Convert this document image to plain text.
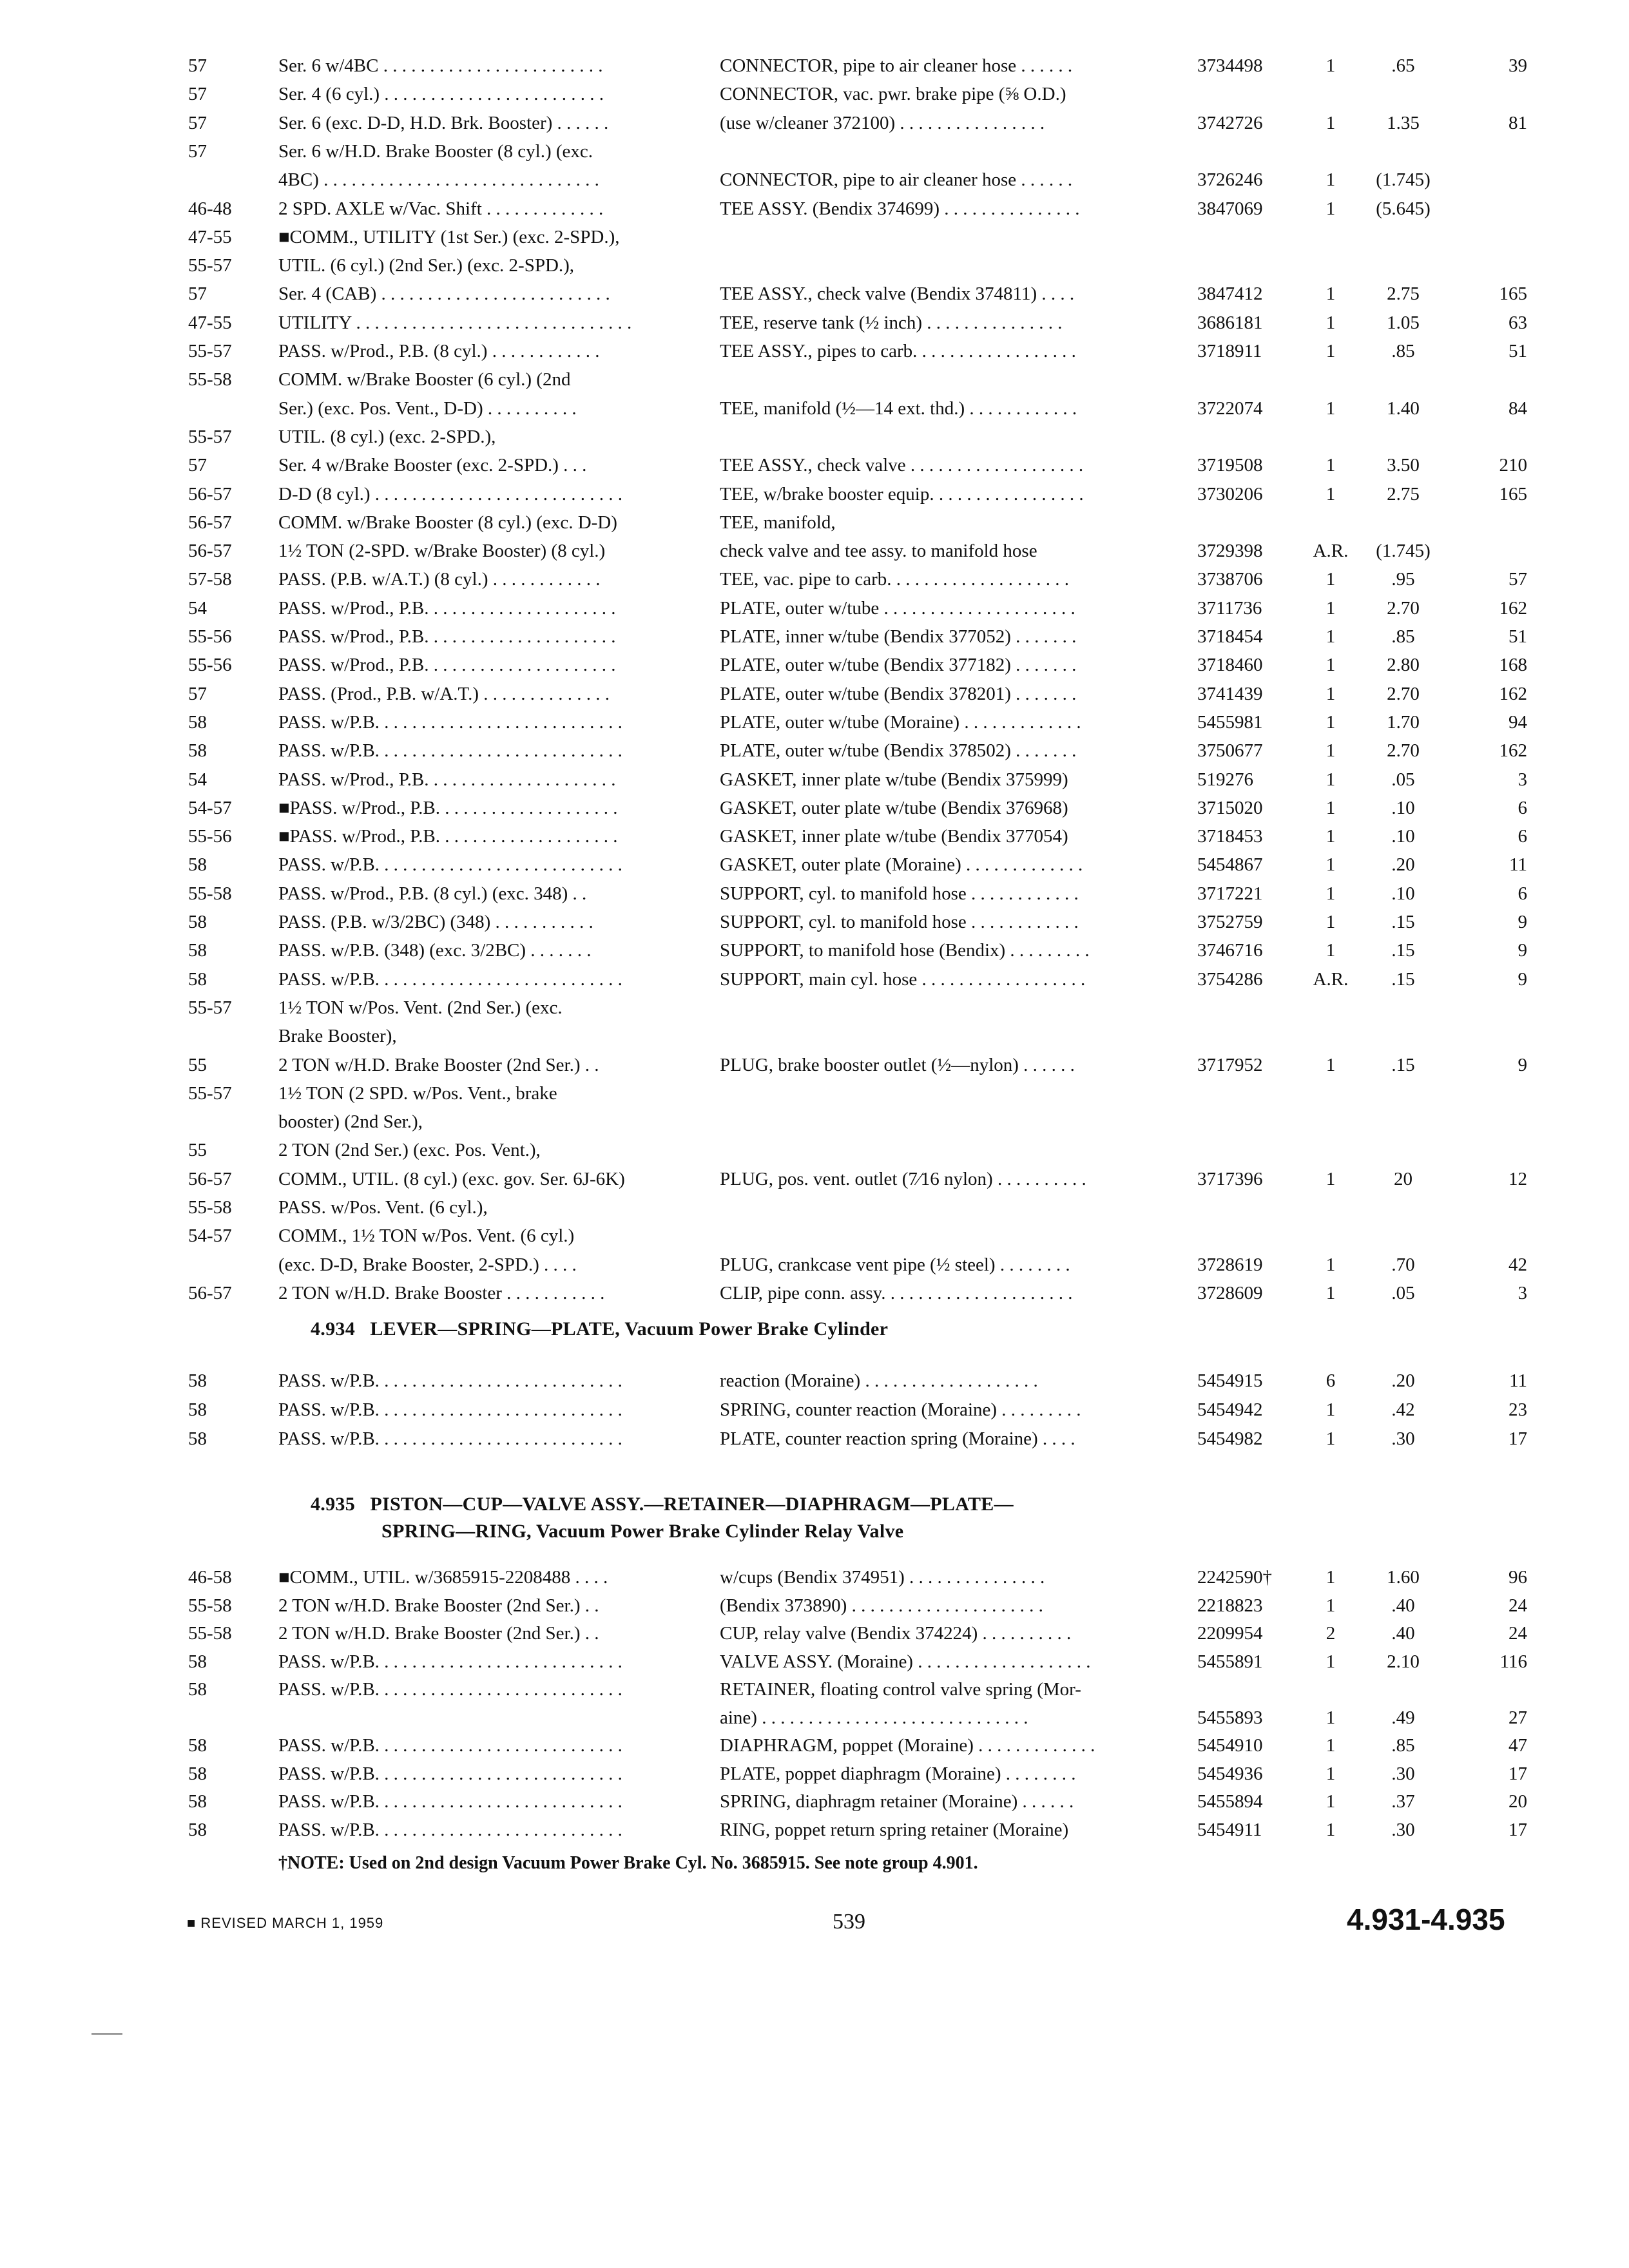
57	Ser. 6 w/4BC . . . . . . . . . . . . . . . . . . . . . . . .	CONNECTOR, pipe to air cleaner hose . . . . . .	3734498	1	.65	39
57	Ser. 4 (6 cyl.) . . . . . . . . . . . . . . . . . . . . . . . .	CONNECTOR, vac. pwr. brake pipe (⅝ O.D.)
57	Ser. 6 (exc. D-D, H.D. Brk. Booster) . . . . . .	(use w/cleaner 372100) . . . . . . . . . . . . . . . .	3742726	1	1.35	81
57	Ser. 6 w/H.D. Brake Booster (8 cyl.) (exc.
4BC) . . . . . . . . . . . . . . . . . . . . . . . . . . . . . .	CONNECTOR, pipe to air cleaner hose . . . . . .	3726246	1	(1.745)
46-48	2 SPD. AXLE w/Vac. Shift . . . . . . . . . . . . .	TEE ASSY. (Bendix 374699) . . . . . . . . . . . . . . .	3847069	1	(5.645)
47-55	■COMM., UTILITY (1st Ser.) (exc. 2-SPD.),
55-57	UTIL. (6 cyl.) (2nd Ser.) (exc. 2-SPD.),
57	Ser. 4 (CAB) . . . . . . . . . . . . . . . . . . . . . . . . .	TEE ASSY., check valve (Bendix 374811) . . . .	3847412	1	2.75	165
47-55	UTILITY . . . . . . . . . . . . . . . . . . . . . . . . . . . . . .	TEE, reserve tank (½ inch) . . . . . . . . . . . . . . .	3686181	1	1.05	63
55-57	PASS. w/Prod., P.B. (8 cyl.) . . . . . . . . . . . .	TEE ASSY., pipes to carb. . . . . . . . . . . . . . . . . .	3718911	1	.85	51
55-58	COMM. w/Brake Booster (6 cyl.) (2nd
Ser.) (exc. Pos. Vent., D-D) . . . . . . . . . .	TEE, manifold (½—14 ext. thd.) . . . . . . . . . . . .	3722074	1	1.40	84
55-57	UTIL. (8 cyl.) (exc. 2-SPD.),
57	Ser. 4 w/Brake Booster (exc. 2-SPD.) . . .	TEE ASSY., check valve . . . . . . . . . . . . . . . . . . .	3719508	1	3.50	210
56-57	D-D (8 cyl.) . . . . . . . . . . . . . . . . . . . . . . . . . . .	TEE, w/brake booster equip. . . . . . . . . . . . . . . . .	3730206	1	2.75	165
56-57	COMM. w/Brake Booster (8 cyl.) (exc. D-D)	TEE, manifold,
56-57	1½ TON (2-SPD. w/Brake Booster) (8 cyl.)	check valve and tee assy. to manifold hose	3729398	A.R.	(1.745)
57-58	PASS. (P.B. w/A.T.) (8 cyl.) . . . . . . . . . . . .	TEE, vac. pipe to carb. . . . . . . . . . . . . . . . . . . .	3738706	1	.95	57
54	PASS. w/Prod., P.B. . . . . . . . . . . . . . . . . . . . .	PLATE, outer w/tube . . . . . . . . . . . . . . . . . . . . .	3711736	1	2.70	162
55-56	PASS. w/Prod., P.B. . . . . . . . . . . . . . . . . . . . .	PLATE, inner w/tube (Bendix 377052) . . . . . . .	3718454	1	.85	51
55-56	PASS. w/Prod., P.B. . . . . . . . . . . . . . . . . . . . .	PLATE, outer w/tube (Bendix 377182) . . . . . . .	3718460	1	2.80	168
57	PASS. (Prod., P.B. w/A.T.) . . . . . . . . . . . . . .	PLATE, outer w/tube (Bendix 378201) . . . . . . .	3741439	1	2.70	162
58	PASS. w/P.B. . . . . . . . . . . . . . . . . . . . . . . . . . .	PLATE, outer w/tube (Moraine) . . . . . . . . . . . . .	5455981	1	1.70	94
58	PASS. w/P.B. . . . . . . . . . . . . . . . . . . . . . . . . . .	PLATE, outer w/tube (Bendix 378502) . . . . . . .	3750677	1	2.70	162
54	PASS. w/Prod., P.B. . . . . . . . . . . . . . . . . . . . .	GASKET, inner plate w/tube (Bendix 375999)	519276	1	.05	3
54-57	■PASS. w/Prod., P.B. . . . . . . . . . . . . . . . . . . .	GASKET, outer plate w/tube (Bendix 376968)	3715020	1	.10	6
55-56	■PASS. w/Prod., P.B. . . . . . . . . . . . . . . . . . . .	GASKET, inner plate w/tube (Bendix 377054)	3718453	1	.10	6
58	PASS. w/P.B. . . . . . . . . . . . . . . . . . . . . . . . . . .	GASKET, outer plate (Moraine) . . . . . . . . . . . . .	5454867	1	.20	11
55-58	PASS. w/Prod., P.B. (8 cyl.) (exc. 348) . .	SUPPORT, cyl. to manifold hose . . . . . . . . . . . .	3717221	1	.10	6
58	PASS. (P.B. w/3/2BC) (348) . . . . . . . . . . .	SUPPORT, cyl. to manifold hose . . . . . . . . . . . .	3752759	1	.15	9
58	PASS. w/P.B. (348) (exc. 3/2BC) . . . . . . .	SUPPORT, to manifold hose (Bendix) . . . . . . . . .	3746716	1	.15	9
58	PASS. w/P.B. . . . . . . . . . . . . . . . . . . . . . . . . . .	SUPPORT, main cyl. hose . . . . . . . . . . . . . . . . . .	3754286	A.R.	.15	9
55-57	1½ TON w/Pos. Vent. (2nd Ser.) (exc.
Brake Booster),
55	2 TON w/H.D. Brake Booster (2nd Ser.) . .	PLUG, brake booster outlet (½—nylon) . . . . . .	3717952	1	.15	9
55-57	1½ TON (2 SPD. w/Pos. Vent., brake
booster) (2nd Ser.),
55	2 TON (2nd Ser.) (exc. Pos. Vent.),
56-57	COMM., UTIL. (8 cyl.) (exc. gov. Ser. 6J-6K)	PLUG, pos. vent. outlet (7⁄16 nylon) . . . . . . . . . .	3717396	1	20	12
55-58	PASS. w/Pos. Vent. (6 cyl.),
54-57	COMM., 1½ TON w/Pos. Vent. (6 cyl.)
(exc. D-D, Brake Booster, 2-SPD.) . . . .	PLUG, crankcase vent pipe (½ steel) . . . . . . . .	3728619	1	.70	42
56-57	2 TON w/H.D. Brake Booster . . . . . . . . . . .	CLIP, pipe conn. assy. . . . . . . . . . . . . . . . . . . . .	3728609	1	.05	3
4.934 LEVER—SPRING—PLATE, Vacuum Power Brake Cylinder
58	PASS. w/P.B. . . . . . . . . . . . . . . . . . . . . . . . . . .	reaction (Moraine) . . . . . . . . . . . . . . . . . . .	5454915	6	.20	11
58	PASS. w/P.B. . . . . . . . . . . . . . . . . . . . . . . . . . .	SPRING, counter reaction (Moraine) . . . . . . . . .	5454942	1	.42	23
58	PASS. w/P.B. . . . . . . . . . . . . . . . . . . . . . . . . . .	PLATE, counter reaction spring (Moraine) . . . .	5454982	1	.30	17
4.935 PISTON—CUP—VALVE ASSY.—RETAINER—DIAPHRAGM—PLATE—
SPRING—RING, Vacuum Power Brake Cylinder Relay Valve
46-58	■COMM., UTIL. w/3685915-2208488 . . . .	w/cups (Bendix 374951) . . . . . . . . . . . . . . .	2242590†	1	1.60	96
55-58	2 TON w/H.D. Brake Booster (2nd Ser.) . .	(Bendix 373890) . . . . . . . . . . . . . . . . . . . . .	2218823	1	.40	24
55-58	2 TON w/H.D. Brake Booster (2nd Ser.) . .	CUP, relay valve (Bendix 374224) . . . . . . . . . .	2209954	2	.40	24
58	PASS. w/P.B. . . . . . . . . . . . . . . . . . . . . . . . . . .	VALVE ASSY. (Moraine) . . . . . . . . . . . . . . . . . . .	5455891	1	2.10	116
58	PASS. w/P.B. . . . . . . . . . . . . . . . . . . . . . . . . . .	RETAINER, floating control valve spring (Mor-
aine) . . . . . . . . . . . . . . . . . . . . . . . . . . . . .	5455893	1	.49	27
58	PASS. w/P.B. . . . . . . . . . . . . . . . . . . . . . . . . . .	DIAPHRAGM, poppet (Moraine) . . . . . . . . . . . . .	5454910	1	.85	47
58	PASS. w/P.B. . . . . . . . . . . . . . . . . . . . . . . . . . .	PLATE, poppet diaphragm (Moraine) . . . . . . . .	5454936	1	.30	17
58	PASS. w/P.B. . . . . . . . . . . . . . . . . . . . . . . . . . .	SPRING, diaphragm retainer (Moraine) . . . . . .	5455894	1	.37	20
58	PASS. w/P.B. . . . . . . . . . . . . . . . . . . . . . . . . . .	RING, poppet return spring retainer (Moraine)	5454911	1	.30	17
†NOTE: Used on 2nd design Vacuum Power Brake Cyl. No. 3685915. See note group 4.901.
■ REVISED MARCH 1, 1959	539	4.931-4.935
